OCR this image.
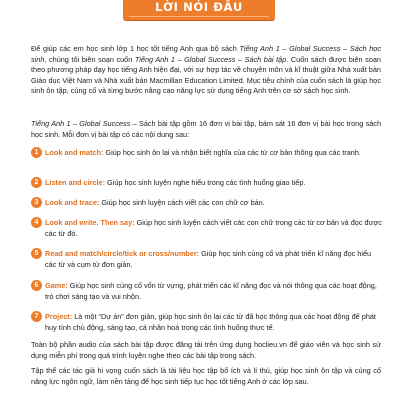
LỜI NÓI ĐẦU

Để giúp các em học sinh lớp 1 học tốt tiếng Anh qua bộ sách Tiếng Anh 1 – Global Success – Sách học sinh, chúng tôi biên soạn cuốn Tiếng Anh 1 – Global Success – Sách bài tập. Cuốn sách được biên soạn theo phương pháp dạy học tiếng Anh hiện đại, với sự hợp tác về chuyên môn và kĩ thuật giữa Nhà xuất bản Giáo dục Việt Nam và Nhà xuất bản Macmillan Education Limited. Mục tiêu chính của cuốn sách là giúp học sinh ôn tập, củng cố và từng bước nâng cao năng lực sử dụng tiếng Anh trên cơ sở sách học sinh.

Tiếng Anh 1 – Global Success – Sách bài tập gồm 16 đơn vị bài tập, bám sát 16 đơn vị bài học trong sách học sinh. Mỗi đơn vị bài tập có các nội dung sau:

1 Look and match: Giúp học sinh ôn lại và nhận biết nghĩa của các từ cơ bản thông qua các tranh.

2 Listen and circle: Giúp học sinh luyện nghe hiểu trong các tình huống giao tiếp.

3 Look and trace: Giúp học sinh luyện cách viết các con chữ cơ bản.

4 Look and write. Then say: Giúp học sinh luyện cách viết các con chữ trong các từ cơ bản và đọc được các từ đó.

5 Read and match/circle/tick or cross/number: Giúp học sinh củng cố và phát triển kĩ năng đọc hiểu các từ và cụm từ đơn giản.

6 Game: Giúp học sinh củng cố vốn từ vựng, phát triển các kĩ năng đọc và nói thông qua các hoạt động, trò chơi sáng tạo và vui nhộn.

7 Project: Là một “Dự án” đơn giản, giúp học sinh ôn lại các từ đã học thông qua các hoạt động để phát huy tính chủ động, sáng tạo, cá nhân hoá trong các tình huống thực tế.

Toàn bộ phần audio của sách bài tập được đăng tải trên ứng dụng hoclieu.vn để giáo viên và học sinh sử dụng miễn phí trong quá trình luyện nghe theo các bài tập trong sách.

Tập thể các tác giả hi vọng cuốn sách là tài liệu học tập bổ ích và lí thú, giúp học sinh ôn tập và củng cố năng lực ngôn ngữ, làm nền tảng để học sinh tiếp tục học tốt tiếng Anh ở các lớp sau.
